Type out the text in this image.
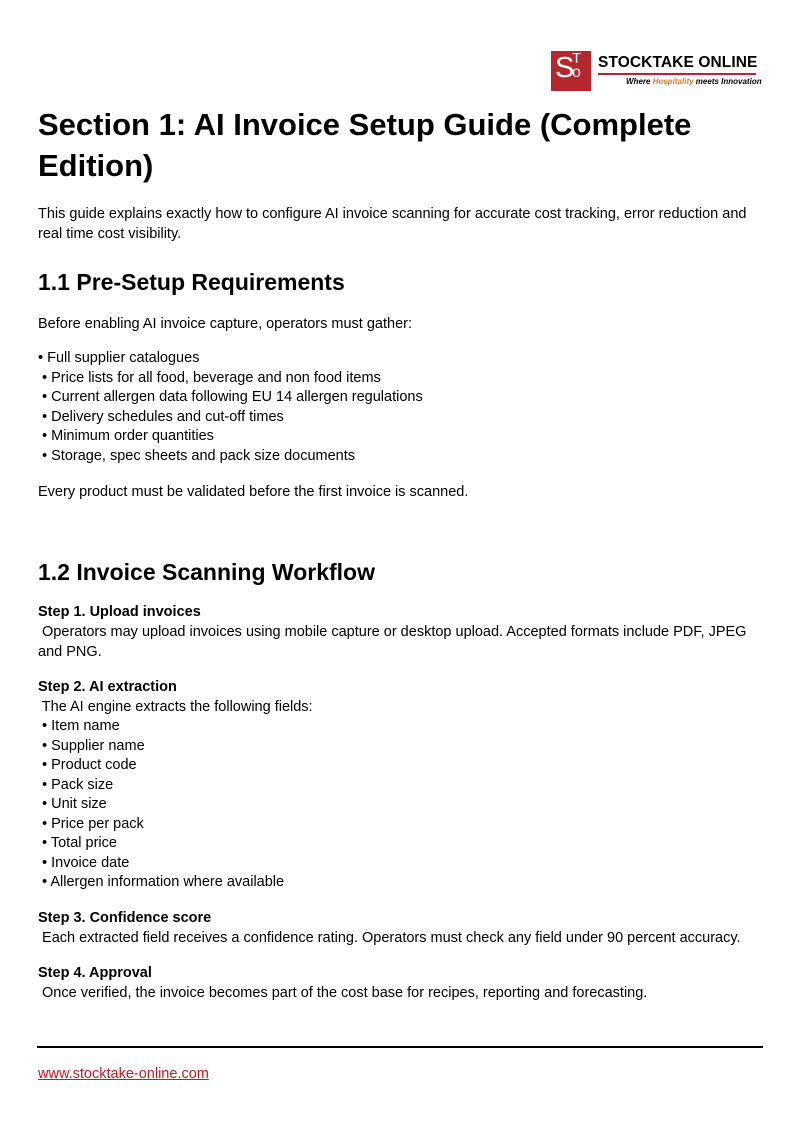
S
T
o
STOCKTAKE ONLINE
Where Hospitality meets Innovation
Section 1: AI Invoice Setup Guide (Complete Edition)

This guide explains exactly how to configure AI invoice scanning for accurate cost tracking, error reduction and real time cost visibility.

1.1 Pre-Setup Requirements

Before enabling AI invoice capture, operators must gather:

• Full supplier catalogues
• Price lists for all food, beverage and non food items
• Current allergen data following EU 14 allergen regulations
• Delivery schedules and cut-off times
• Minimum order quantities
• Storage, spec sheets and pack size documents

Every product must be validated before the first invoice is scanned.

1.2 Invoice Scanning Workflow

Step 1. Upload invoices

Operators may upload invoices using mobile capture or desktop upload. Accepted formats include PDF, JPEG and PNG.

Step 2. AI extraction

The AI engine extracts the following fields:

• Item name
• Supplier name
• Product code
• Pack size
• Unit size
• Price per pack
• Total price
• Invoice date
• Allergen information where available

Step 3. Confidence score

Each extracted field receives a confidence rating. Operators must check any field under 90 percent accuracy.

Step 4. Approval

Once verified, the invoice becomes part of the cost base for recipes, reporting and forecasting.

www.stocktake-online.com
